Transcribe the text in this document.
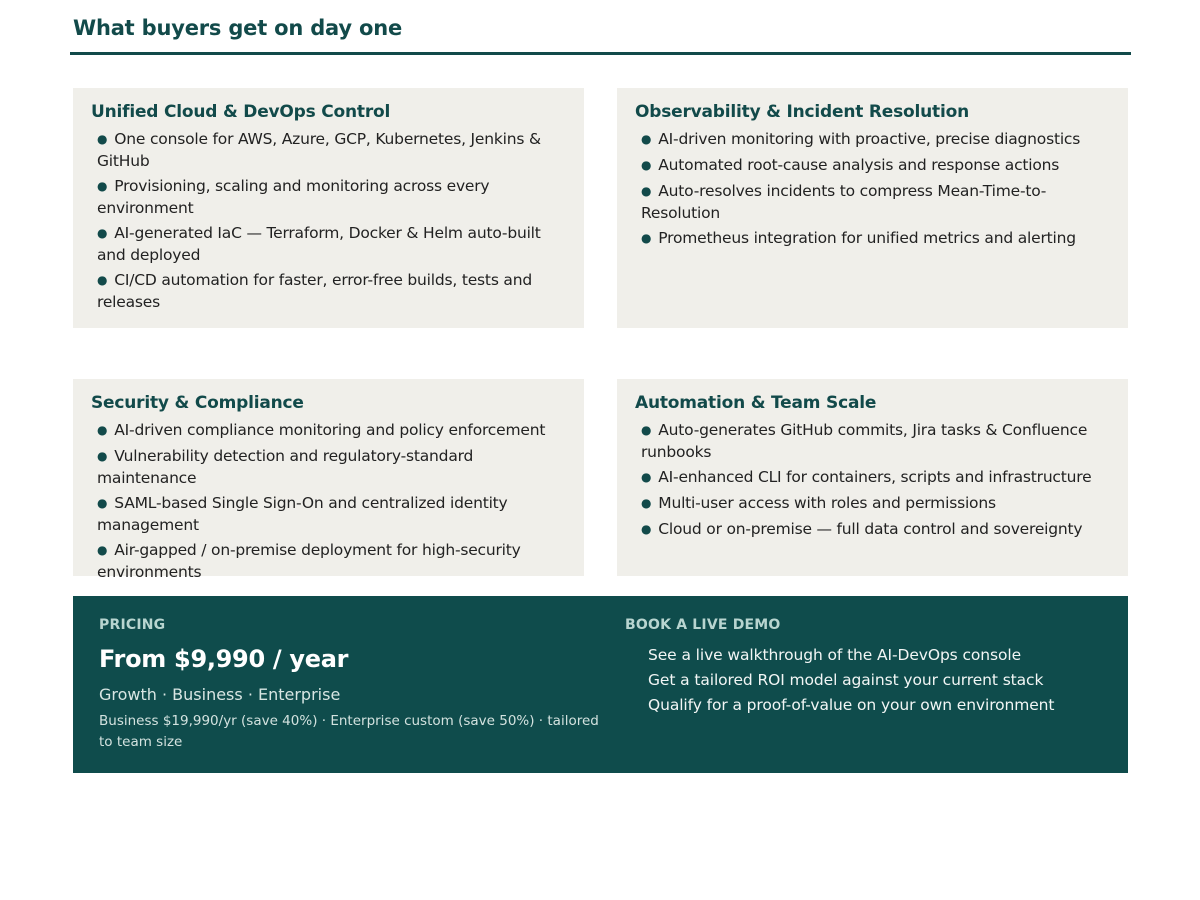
What buyers get on day one
Unified Cloud & DevOps Control
● One console for AWS, Azure, GCP, Kubernetes, Jenkins & GitHub
● Provisioning, scaling and monitoring across every environment
● AI-generated IaC — Terraform, Docker & Helm auto-built and deployed
● CI/CD automation for faster, error-free builds, tests and releases
Observability & Incident Resolution
● AI-driven monitoring with proactive, precise diagnostics
● Automated root-cause analysis and response actions
● Auto-resolves incidents to compress Mean-Time-to-Resolution
● Prometheus integration for unified metrics and alerting
Security & Compliance
● AI-driven compliance monitoring and policy enforcement
● Vulnerability detection and regulatory-standard maintenance
● SAML-based Single Sign-On and centralized identity management
● Air-gapped / on-premise deployment for high-security environments
Automation & Team Scale
● Auto-generates GitHub commits, Jira tasks & Confluence runbooks
● AI-enhanced CLI for containers, scripts and infrastructure
● Multi-user access with roles and permissions
● Cloud or on-premise — full data control and sovereignty
PRICING
From $9,990 / year
Growth · Business · Enterprise
Business $19,990/yr (save 40%) · Enterprise custom (save 50%) · tailored to team size
BOOK A LIVE DEMO
See a live walkthrough of the AI-DevOps console
Get a tailored ROI model against your current stack
Qualify for a proof-of-value on your own environment
